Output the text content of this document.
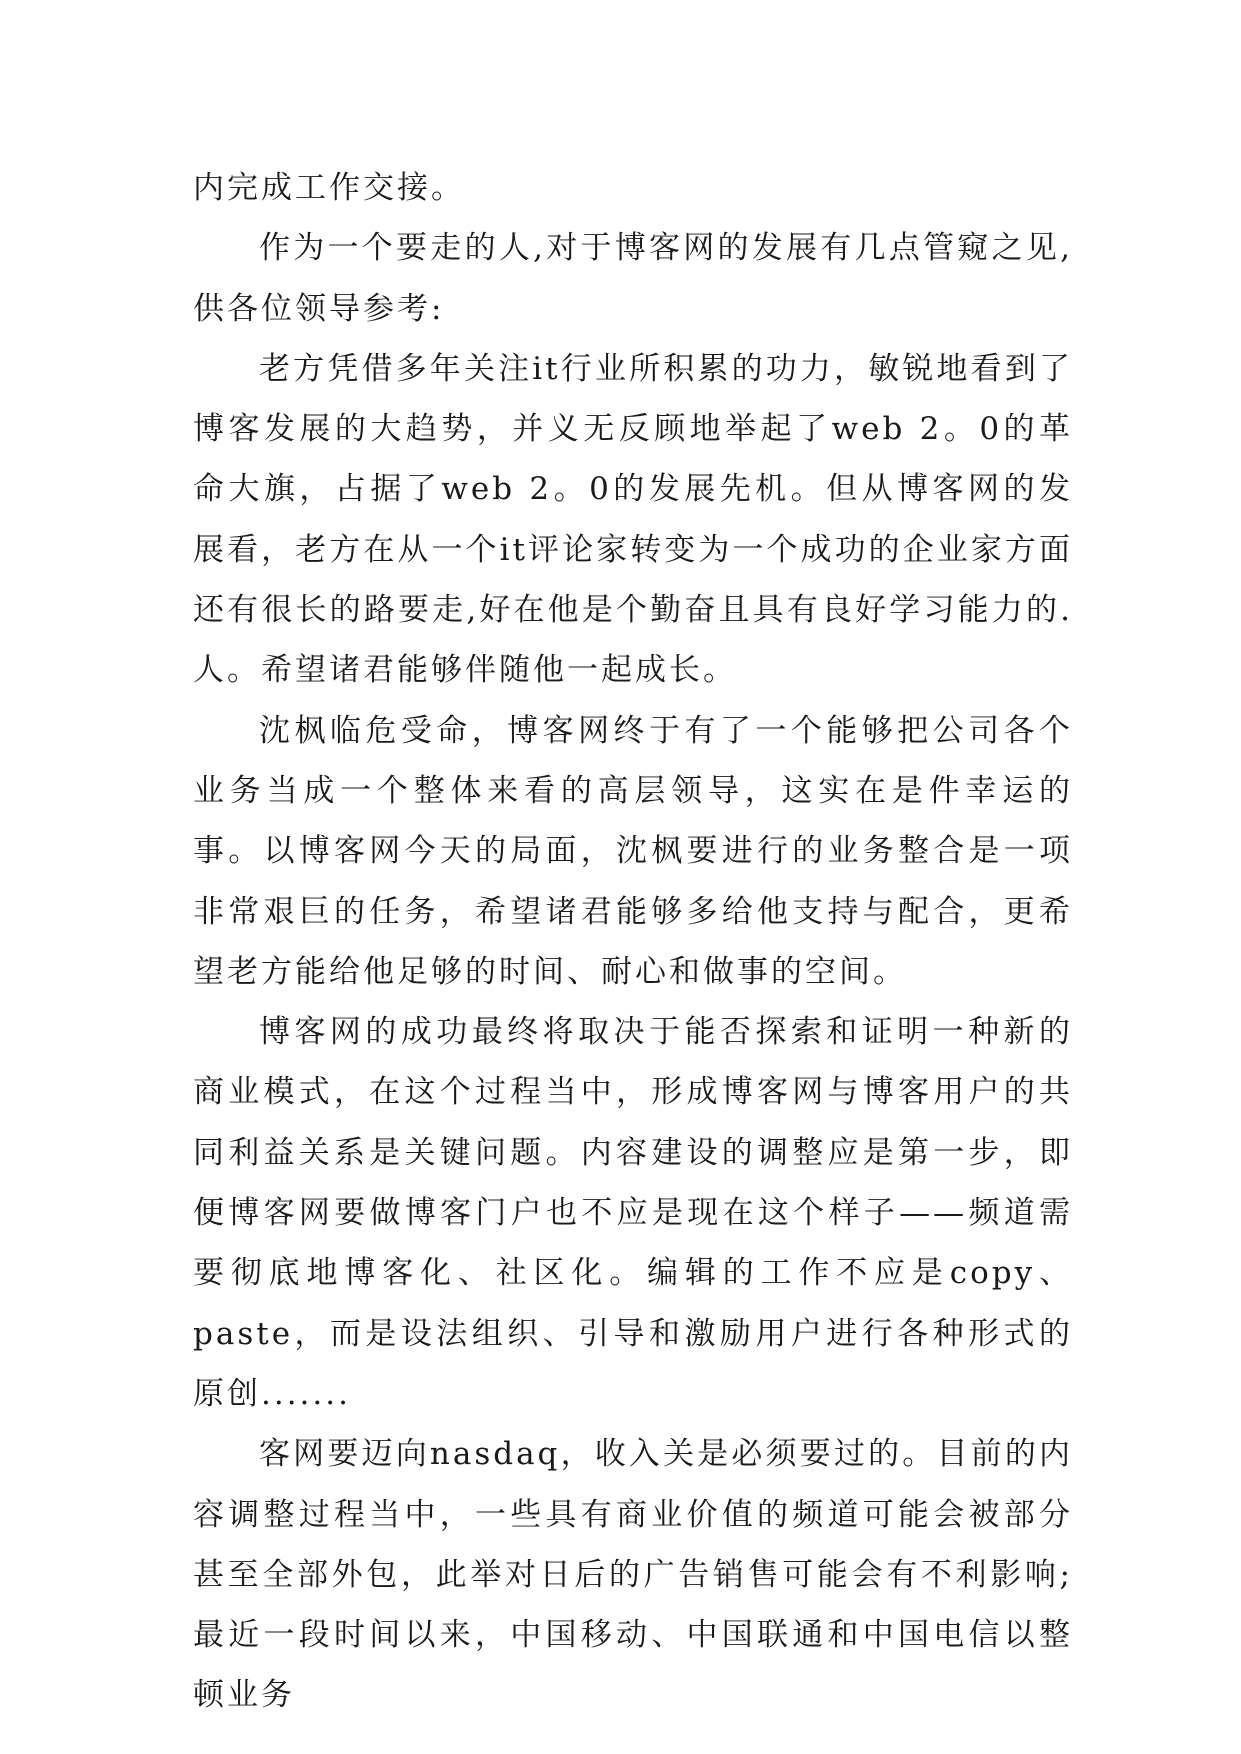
内完成工作交接。

作为一个要走的人,对于博客网的发展有几点管窥之见,供各位领导参考:

老方凭借多年关注it行业所积累的功力，敏锐地看到了博客发展的大趋势，并义无反顾地举起了web 2。0的革命大旗，占据了web 2。0的发展先机。但从博客网的发展看，老方在从一个it评论家转变为一个成功的企业家方面还有很长的路要走,好在他是个勤奋且具有良好学习能力的.人。希望诸君能够伴随他一起成长。

沈枫临危受命，博客网终于有了一个能够把公司各个业务当成一个整体来看的高层领导，这实在是件幸运的事。以博客网今天的局面，沈枫要进行的业务整合是一项非常艰巨的任务，希望诸君能够多给他支持与配合，更希望老方能给他足够的时间、耐心和做事的空间。

博客网的成功最终将取决于能否探索和证明一种新的商业模式，在这个过程当中，形成博客网与博客用户的共同利益关系是关键问题。内容建设的调整应是第一步，即便博客网要做博客门户也不应是现在这个样子——频道需要彻底地博客化、社区化。编辑的工作不应是copy、paste，而是设法组织、引导和激励用户进行各种形式的原创.......

客网要迈向nasdaq，收入关是必须要过的。目前的内容调整过程当中，一些具有商业价值的频道可能会被部分甚至全部外包，此举对日后的广告销售可能会有不利影响;最近一段时间以来，中国移动、中国联通和中国电信以整顿业务
